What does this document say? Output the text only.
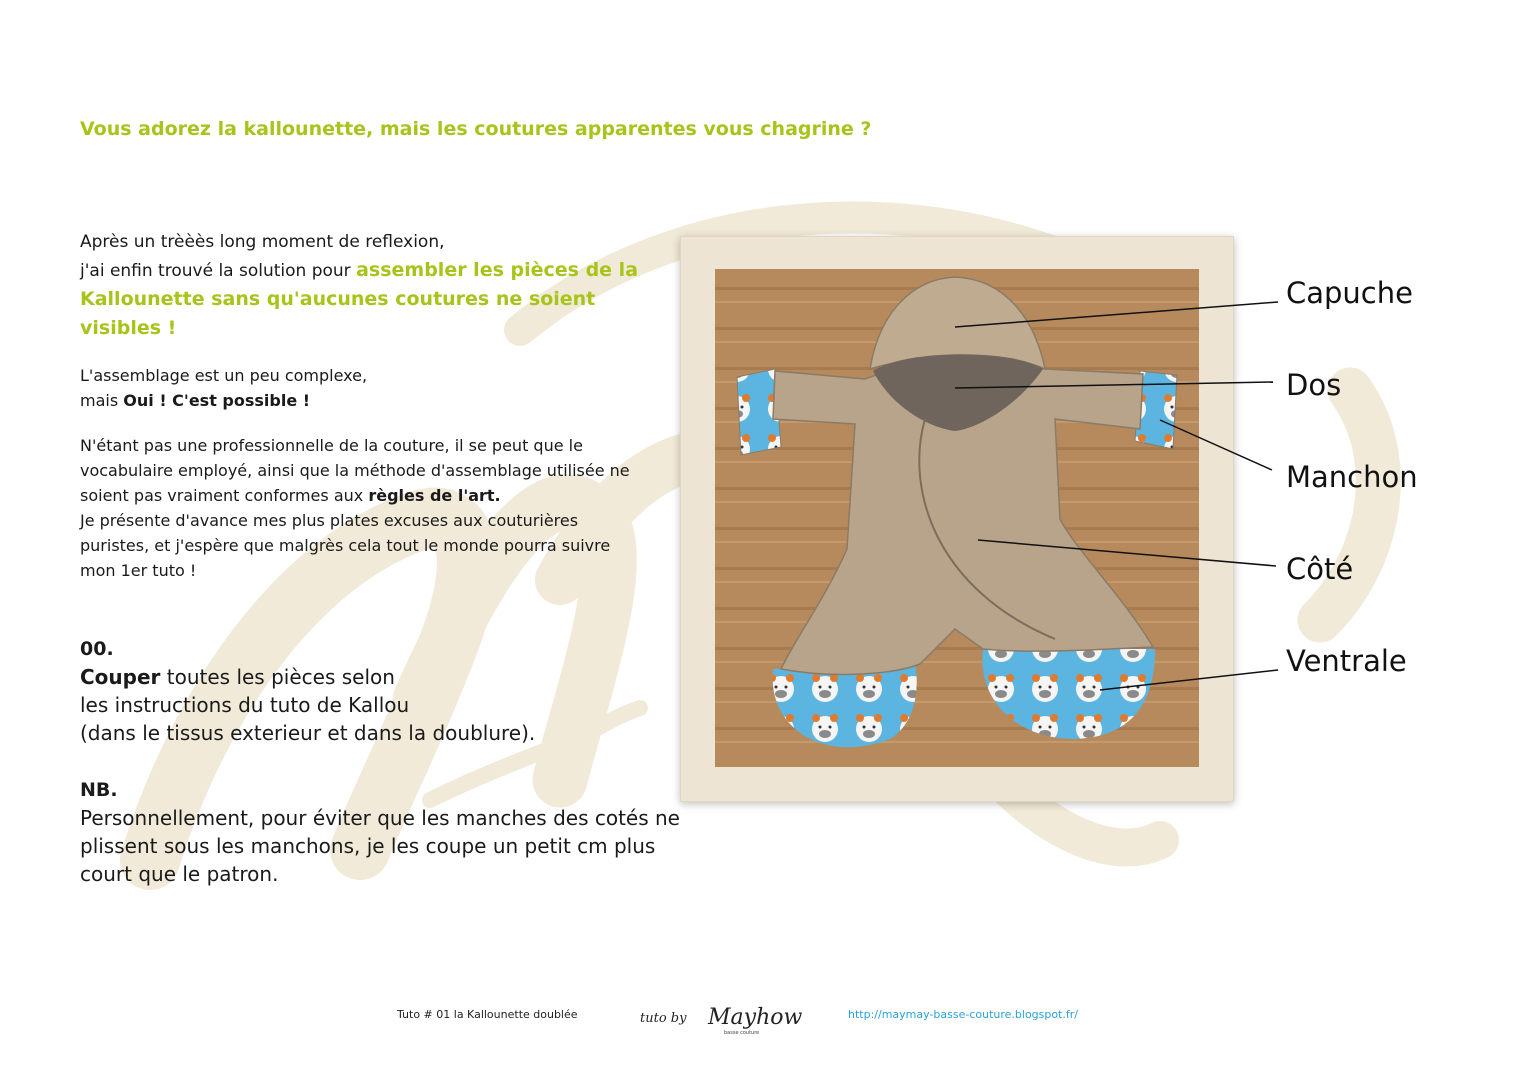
Vous adorez la kallounette, mais les coutures apparentes vous chagrine ?

Après un trèèès long moment de reflexion,
j'ai enfin trouvé la solution pour assembler les pièces de la Kallounette sans qu'aucunes coutures ne soient visibles !

L'assemblage est un peu complexe,
mais Oui ! C'est possible !

N'étant pas une professionnelle de la couture, il se peut que le vocabulaire employé, ainsi que la méthode d'assemblage utilisée ne soient pas vraiment conformes aux règles de l'art.
Je présente d'avance mes plus plates excuses aux couturières puristes, et j'espère que malgrès cela tout le monde pourra suivre mon 1er tuto !

00.

Couper toutes les pièces selon
les instructions du tuto de Kallou
(dans le tissus exterieur et dans la doublure).

NB.

Personnellement, pour éviter que les manches des cotés ne plissent sous les manchons, je les coupe un petit cm plus court que le patron.

Capuche

Dos

Manchon

Côté

Ventrale

Tuto # 01 la Kallounette doublée	tuto by Mayhow
basse couture
http://maymay-basse-couture.blogspot.fr/
